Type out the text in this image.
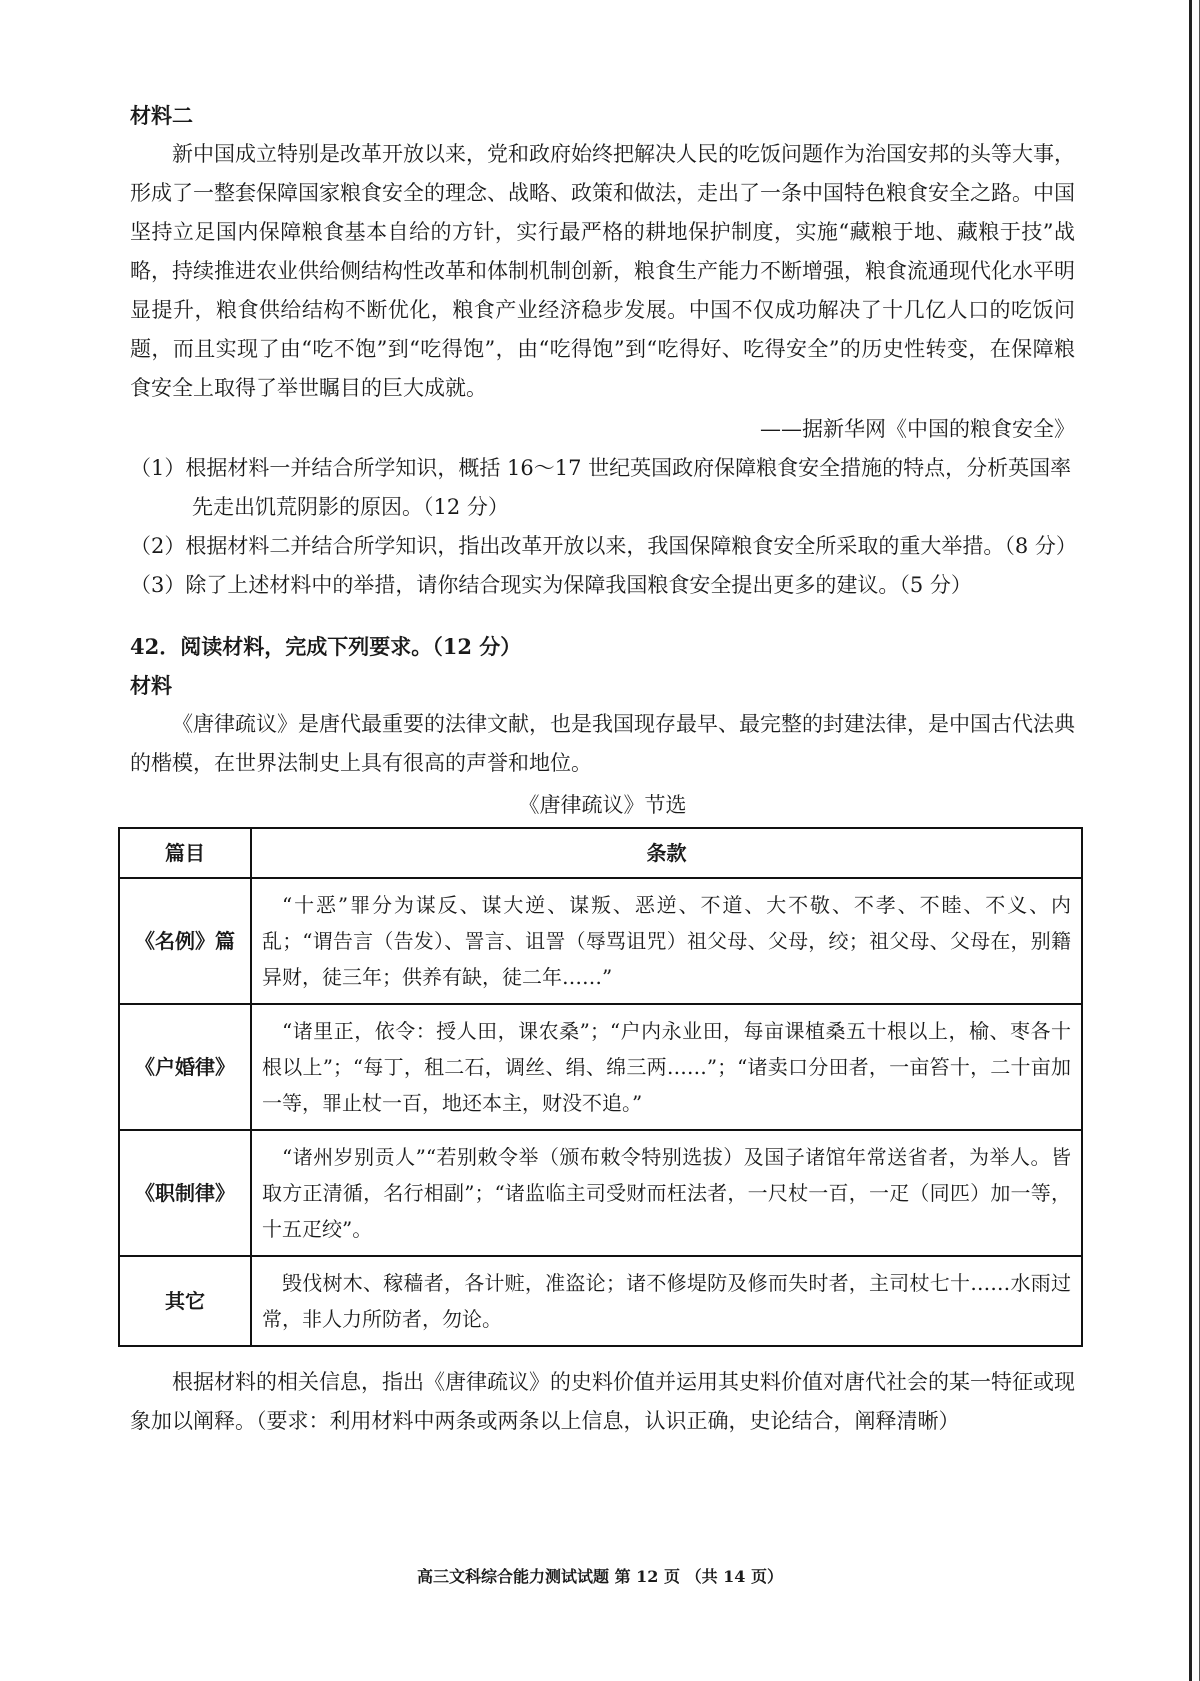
材料二

新中国成立特别是改革开放以来，党和政府始终把解决人民的吃饭问题作为治国安邦的头等大事，形成了一整套保障国家粮食安全的理念、战略、政策和做法，走出了一条中国特色粮食安全之路。中国坚持立足国内保障粮食基本自给的方针，实行最严格的耕地保护制度，实施“藏粮于地、藏粮于技”战略，持续推进农业供给侧结构性改革和体制机制创新，粮食生产能力不断增强，粮食流通现代化水平明显提升，粮食供给结构不断优化，粮食产业经济稳步发展。中国不仅成功解决了十几亿人口的吃饭问题，而且实现了由“吃不饱”到“吃得饱”，由“吃得饱”到“吃得好、吃得安全”的历史性转变，在保障粮食安全上取得了举世瞩目的巨大成就。

——据新华网《中国的粮食安全》

（1）根据材料一并结合所学知识，概括 16～17 世纪英国政府保障粮食安全措施的特点，分析英国率先走出饥荒阴影的原因。（12 分）

（2）根据材料二并结合所学知识，指出改革开放以来，我国保障粮食安全所采取的重大举措。（8 分）

（3）除了上述材料中的举措，请你结合现实为保障我国粮食安全提出更多的建议。（5 分）

42．阅读材料，完成下列要求。（12 分）

材料

《唐律疏议》是唐代最重要的法律文献，也是我国现存最早、最完整的封建法律，是中国古代法典的楷模，在世界法制史上具有很高的声誉和地位。

《唐律疏议》节选

篇目	条款
《名例》篇	“十恶”罪分为谋反、谋大逆、谋叛、恶逆、不道、大不敬、不孝、不睦、不义、内乱；“谓告言（告发）、詈言、诅詈（辱骂诅咒）祖父母、父母，绞；祖父母、父母在，别籍异财，徒三年；供养有缺，徒二年……”
《户婚律》	“诸里正，依令：授人田，课农桑”；“户内永业田，每亩课植桑五十根以上，榆、枣各十根以上”；“每丁，租二石，调丝、绢、绵三两……”；“诸卖口分田者，一亩笞十，二十亩加一等，罪止杖一百，地还本主，财没不追。”
《职制律》	“诸州岁别贡人”“若别敕令举（颁布敕令特别选拔）及国子诸馆年常送省者，为举人。皆取方正清循，名行相副”；“诸监临主司受财而枉法者，一尺杖一百，一疋（同匹）加一等，十五疋绞”。
其它	毁伐树木、稼穑者，各计赃，准盗论；诸不修堤防及修而失时者，主司杖七十……水雨过常，非人力所防者，勿论。

根据材料的相关信息，指出《唐律疏议》的史料价值并运用其史料价值对唐代社会的某一特征或现象加以阐释。（要求：利用材料中两条或两条以上信息，认识正确，史论结合，阐释清晰）

高三文科综合能力测试试题 第 12 页 （共 14 页）
